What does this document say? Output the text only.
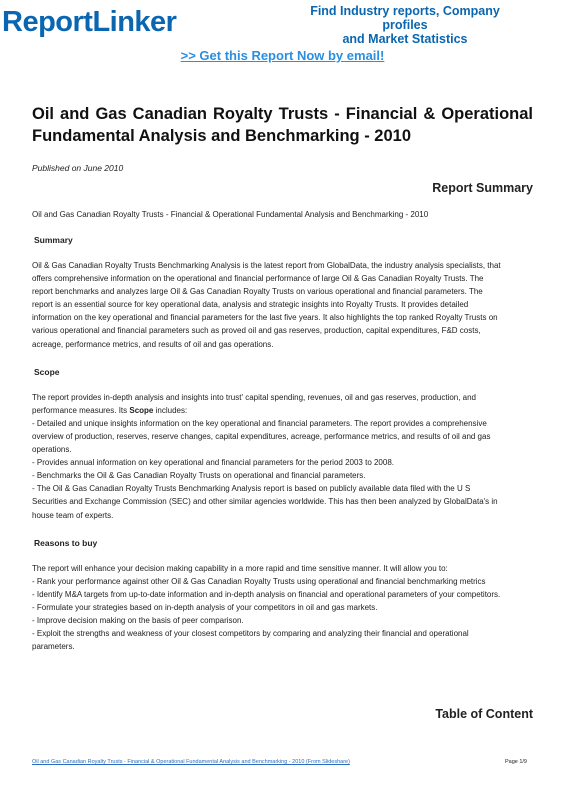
ReportLinker	Find Industry reports, Company profiles
and Market Statistics
>> Get this Report Now by email!
Oil and Gas Canadian Royalty Trusts - Financial & Operational Fundamental Analysis and Benchmarking - 2010
Published on June 2010
Report Summary
Oil and Gas Canadian Royalty Trusts - Financial & Operational Fundamental Analysis and Benchmarking - 2010
Summary
Oil & Gas Canadian Royalty Trusts Benchmarking Analysis is the latest report from GlobalData, the industry analysis specialists, that
offers comprehensive information on the operational and financial performance of large Oil & Gas Canadian Royalty Trusts. The
report benchmarks and analyzes large Oil & Gas Canadian Royalty Trusts on various operational and financial parameters. The
report is an essential source for key operational data, analysis and strategic insights into Royalty Trusts. It provides detailed
information on the key operational and financial parameters for the last five years. It also highlights the top ranked Royalty Trusts on
various operational and financial parameters such as proved oil and gas reserves, production, capital expenditures, F&D costs,
acreage, performance metrics, and results of oil and gas operations.
Scope
The report provides in-depth analysis and insights into trust' capital spending, revenues, oil and gas reserves, production, and
performance measures. Its Scope includes:
- Detailed and unique insights information on the key operational and financial parameters. The report provides a comprehensive
overview of production, reserves, reserve changes, capital expenditures, acreage, performance metrics, and results of oil and gas
operations.
- Provides annual information on key operational and financial parameters for the period 2003 to 2008.
- Benchmarks the Oil & Gas Canadian Royalty Trusts on operational and financial parameters.
- The Oil & Gas Canadian Royalty Trusts Benchmarking Analysis report is based on publicly available data filed with the U S
Securities and Exchange Commission (SEC) and other similar agencies worldwide. This has then been analyzed by GlobalData's in
house team of experts.
Reasons to buy
The report will enhance your decision making capability in a more rapid and time sensitive manner. It will allow you to:
- Rank your performance against other Oil & Gas Canadian Royalty Trusts using operational and financial benchmarking metrics
- Identify M&A targets from up-to-date information and in-depth analysis on financial and operational parameters of your competitors.
- Formulate your strategies based on in-depth analysis of your competitors in oil and gas markets.
- Improve decision making on the basis of peer comparison.
- Exploit the strengths and weakness of your closest competitors by comparing and analyzing their financial and operational
parameters.
Table of Content
Oil and Gas Canadian Royalty Trusts - Financial & Operational Fundamental Analysis and Benchmarking - 2010 (From Slideshare)	Page 1/9
